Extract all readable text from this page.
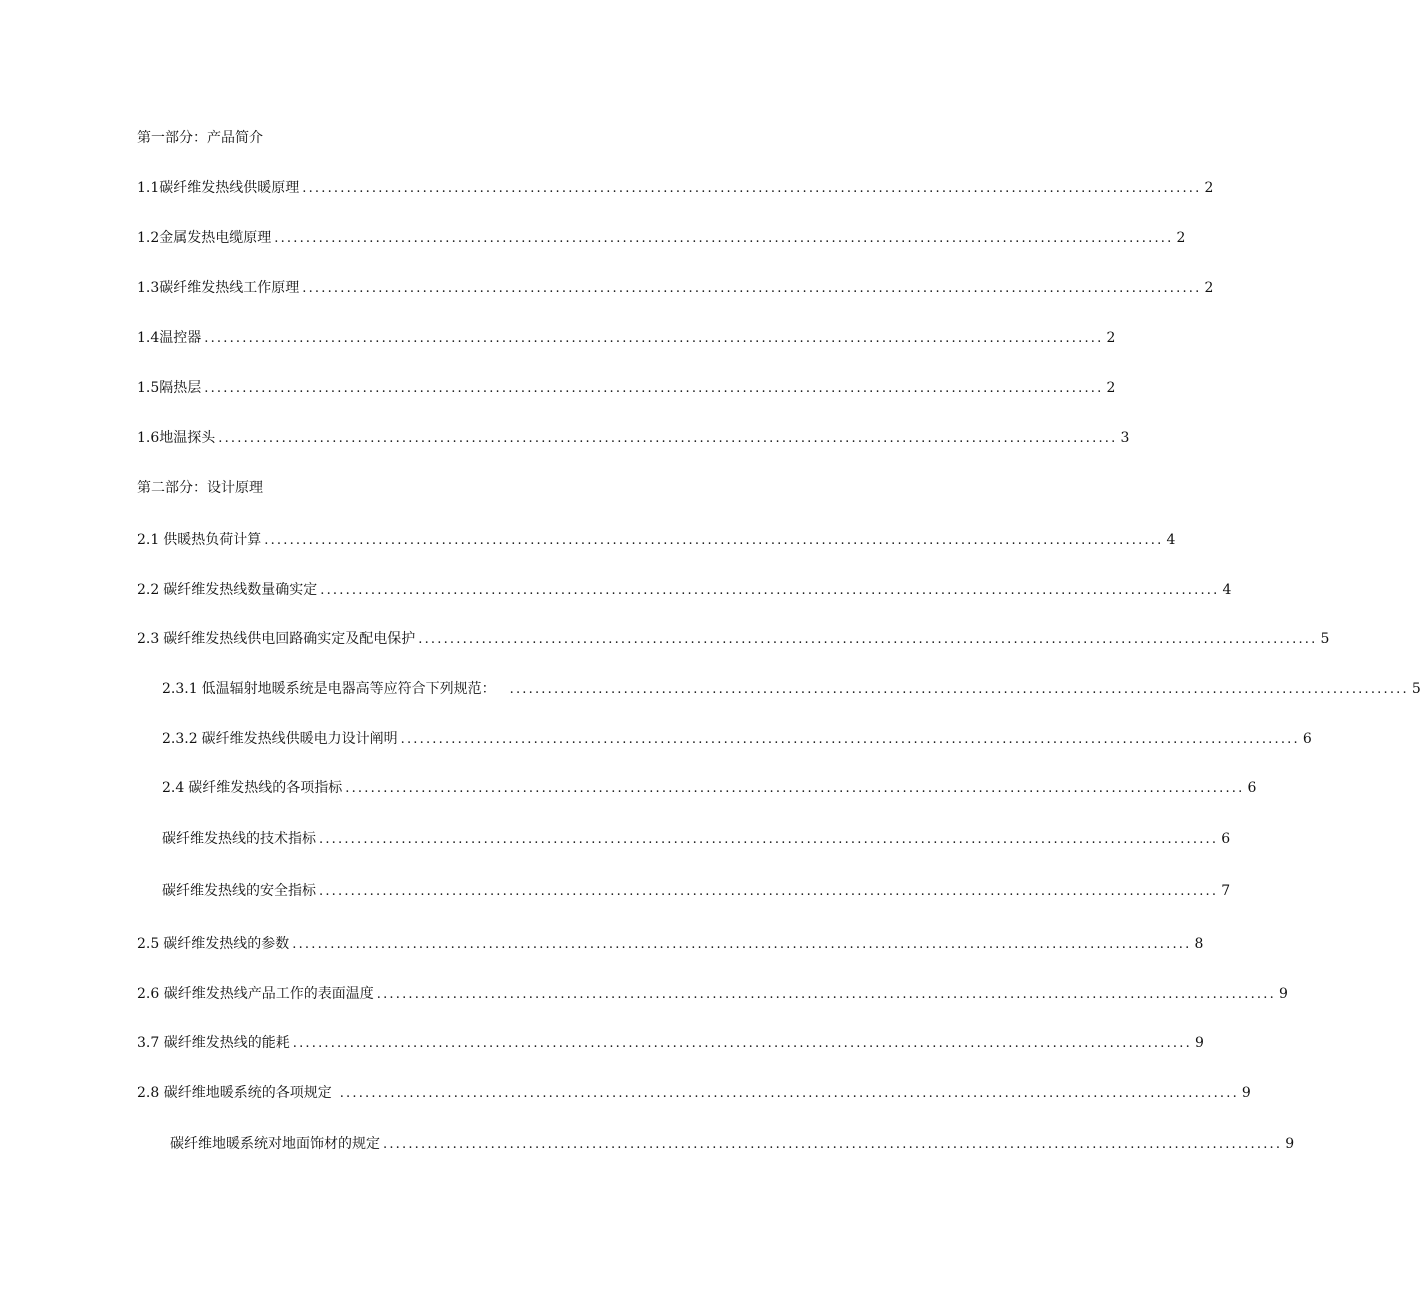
第一部分：产品简介
1.1 碳纤维发热线供暖原理 .............................................................................................................................................. 2
1.2 金属发热电缆原理 .............................................................................................................................................. 2
1.3 碳纤维发热线工作原理 .............................................................................................................................................. 2
1.4 温控器 .............................................................................................................................................. 2
1.5 隔热层 .............................................................................................................................................. 2
1.6 地温探头 .............................................................................................................................................. 3
第二部分：设计原理
2.1 供暖热负荷计算 .............................................................................................................................................. 4
2.2 碳纤维发热线数量确实定 .............................................................................................................................................. 4
2.3 碳纤维发热线供电回路确实定及配电保护 .............................................................................................................................................. 5
2.3.1 低温辐射地暖系统是电器高等应符合下列规范： .............................................................................................................................................. 5
2.3.2 碳纤维发热线供暖电力设计阐明 .............................................................................................................................................. 6
2.4 碳纤维发热线的各项指标 .............................................................................................................................................. 6
碳纤维发热线的技术指标 .............................................................................................................................................. 6
碳纤维发热线的安全指标 .............................................................................................................................................. 7
2.5 碳纤维发热线的参数 .............................................................................................................................................. 8
2 .6 碳纤维发热线产品工作的表面温度 .............................................................................................................................................. 9
3 .7 碳纤维发热线的能耗 .............................................................................................................................................. 9
2. 8 碳纤维地暖系统的各项规定 .............................................................................................................................................. 9
碳纤维地暖系统对地面饰材的规定 .............................................................................................................................................. 9
